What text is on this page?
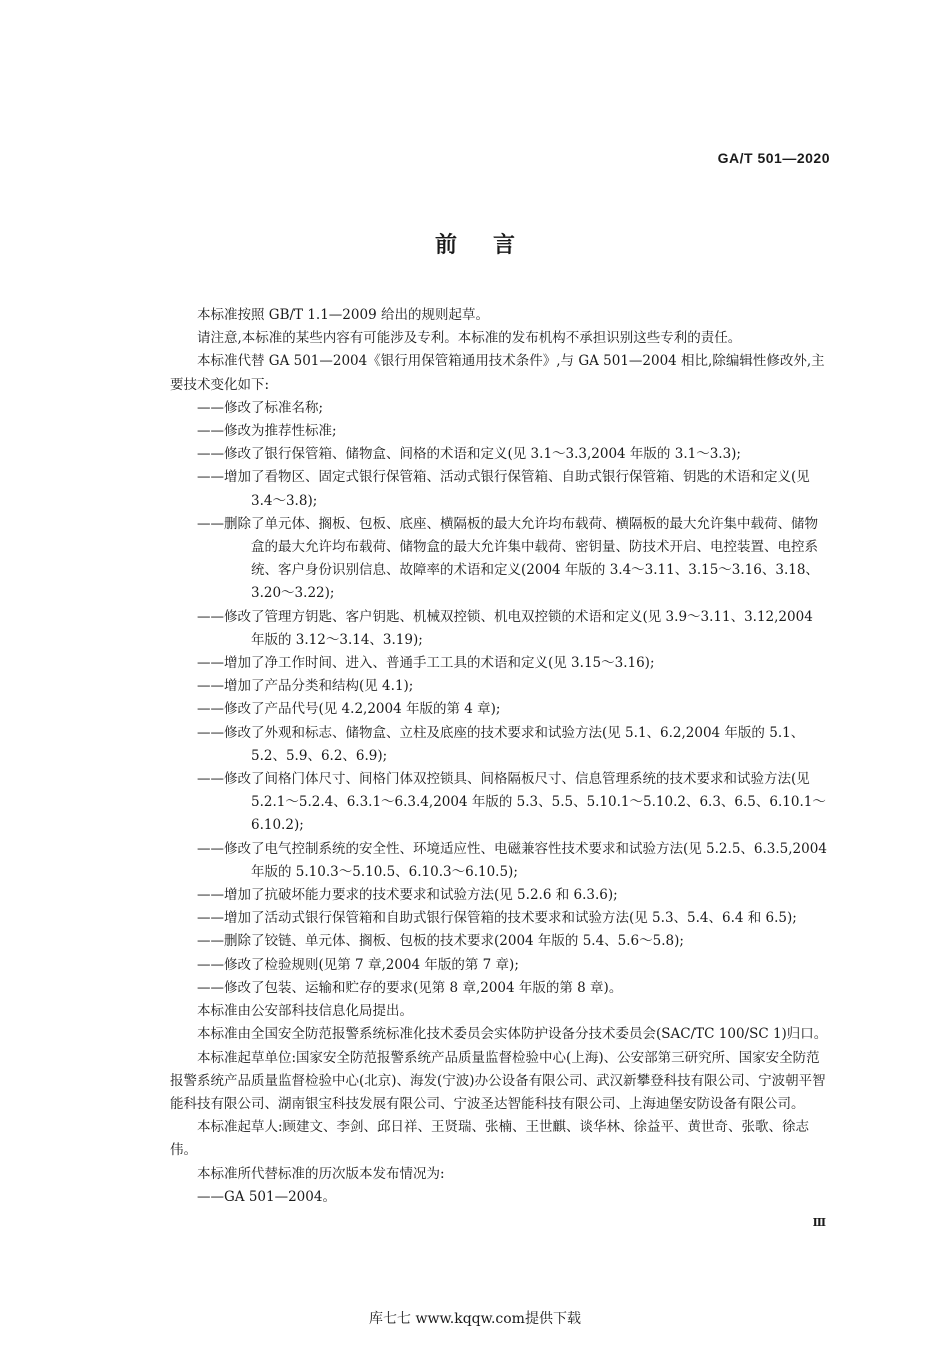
GA/T 501—2020

前言

本标准按照 GB/T 1.1—2009 给出的规则起草。

请注意,本标准的某些内容有可能涉及专利。本标准的发布机构不承担识别这些专利的责任。

本标准代替 GA 501—2004《银行用保管箱通用技术条件》,与 GA 501—2004 相比,除编辑性修改外,主要技术变化如下:

——修改了标准名称;

——修改为推荐性标准;

——修改了银行保管箱、储物盒、间格的术语和定义(见 3.1～3.3,2004 年版的 3.1～3.3);

——增加了看物区、固定式银行保管箱、活动式银行保管箱、自助式银行保管箱、钥匙的术语和定义(见 3.4～3.8);

——删除了单元体、搁板、包板、底座、横隔板的最大允许均布载荷、横隔板的最大允许集中载荷、储物盒的最大允许均布载荷、储物盒的最大允许集中载荷、密钥量、防技术开启、电控装置、电控系统、客户身份识别信息、故障率的术语和定义(2004 年版的 3.4～3.11、3.15～3.16、3.18、3.20～3.22);

——修改了管理方钥匙、客户钥匙、机械双控锁、机电双控锁的术语和定义(见 3.9～3.11、3.12,2004 年版的 3.12～3.14、3.19);

——增加了净工作时间、进入、普通手工工具的术语和定义(见 3.15～3.16);

——增加了产品分类和结构(见 4.1);

——修改了产品代号(见 4.2,2004 年版的第 4 章);

——修改了外观和标志、储物盒、立柱及底座的技术要求和试验方法(见 5.1、6.2,2004 年版的 5.1、5.2、5.9、6.2、6.9);

——修改了间格门体尺寸、间格门体双控锁具、间格隔板尺寸、信息管理系统的技术要求和试验方法(见 5.2.1～5.2.4、6.3.1～6.3.4,2004 年版的 5.3、5.5、5.10.1～5.10.2、6.3、6.5、6.10.1～6.10.2);

——修改了电气控制系统的安全性、环境适应性、电磁兼容性技术要求和试验方法(见 5.2.5、6.3.5,2004 年版的 5.10.3～5.10.5、6.10.3～6.10.5);

——增加了抗破坏能力要求的技术要求和试验方法(见 5.2.6 和 6.3.6);

——增加了活动式银行保管箱和自助式银行保管箱的技术要求和试验方法(见 5.3、5.4、6.4 和 6.5);

——删除了铰链、单元体、搁板、包板的技术要求(2004 年版的 5.4、5.6～5.8);

——修改了检验规则(见第 7 章,2004 年版的第 7 章);

——修改了包装、运输和贮存的要求(见第 8 章,2004 年版的第 8 章)。

本标准由公安部科技信息化局提出。

本标准由全国安全防范报警系统标准化技术委员会实体防护设备分技术委员会(SAC/TC 100/SC 1)归口。

本标准起草单位:国家安全防范报警系统产品质量监督检验中心(上海)、公安部第三研究所、国家安全防范报警系统产品质量监督检验中心(北京)、海发(宁波)办公设备有限公司、武汉新攀登科技有限公司、宁波朝平智能科技有限公司、湖南银宝科技发展有限公司、宁波圣达智能科技有限公司、上海迪堡安防设备有限公司。

本标准起草人:顾建文、李剑、邱日祥、王贤瑞、张楠、王世麒、谈华林、徐益平、黄世奇、张歌、徐志伟。

本标准所代替标准的历次版本发布情况为:

——GA 501—2004。

Ⅲ

库七七 www.kqqw.com提供下载
